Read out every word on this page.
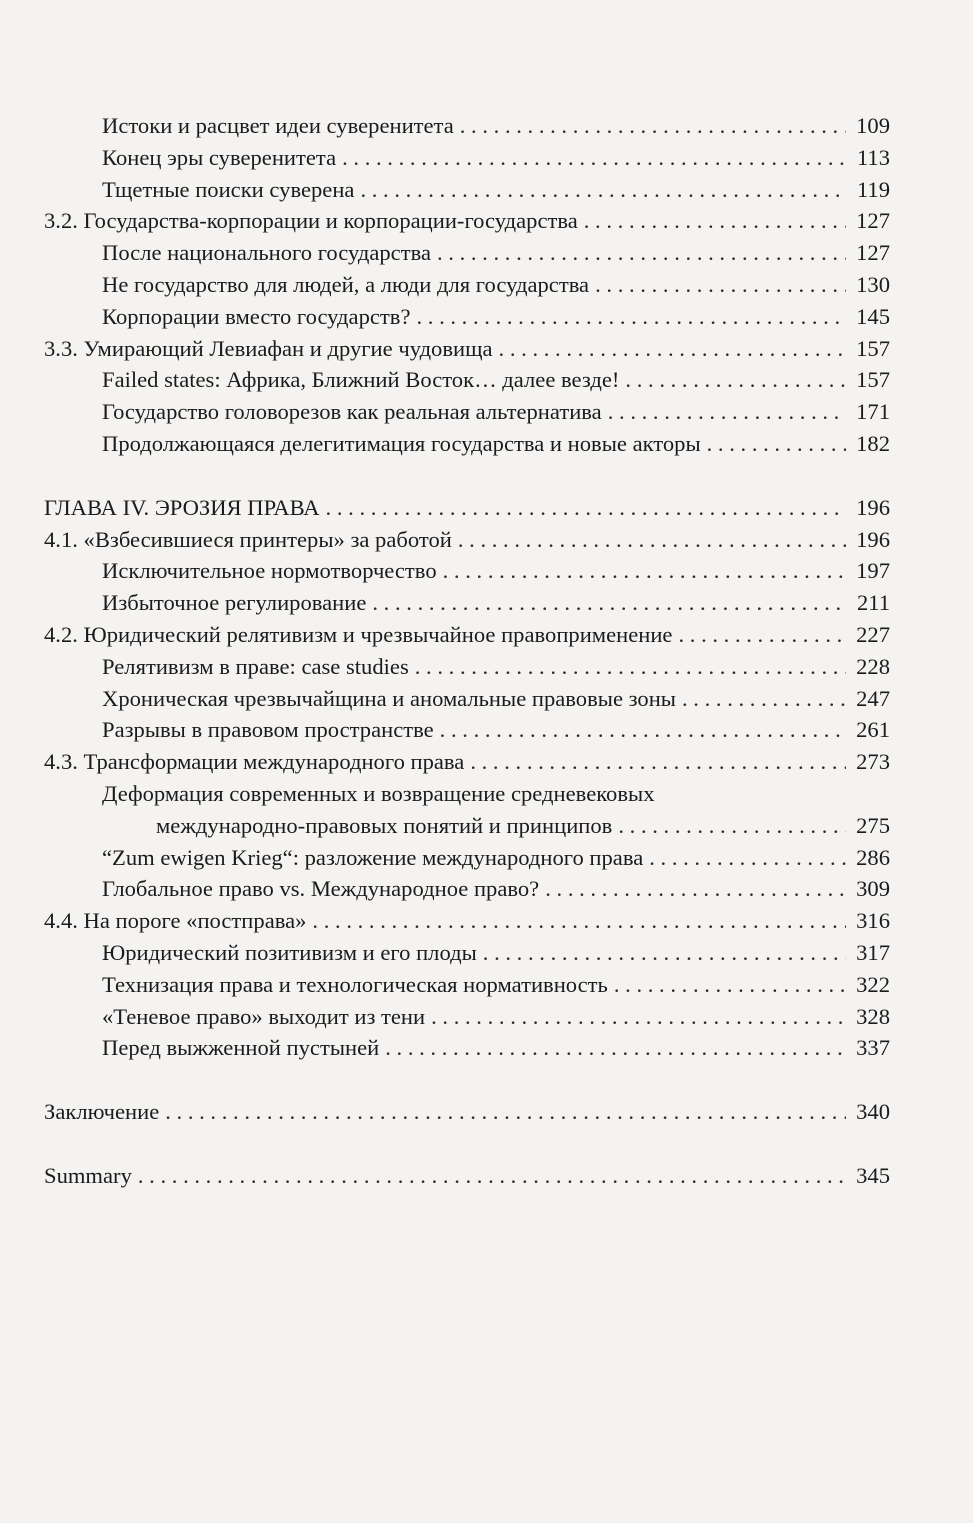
Истоки и расцвет идеи суверенитета . . .	109
Конец эры суверенитета . . .	113
Тщетные поиски суверена . . .	119
3.2. Государства-корпорации и корпорации-государства . . .	127
После национального государства . . .	127
Не государство для людей, а люди для государства . . .	130
Корпорации вместо государств? . . .	145
3.3. Умирающий Левиафан и другие чудовища . . .	157
Failed states: Африка, Ближний Восток… далее везде! . . .	157
Государство головорезов как реальная альтернатива . . .	171
Продолжающаяся делегитимация государства и новые акторы . . .	182
ГЛАВА IV. ЭРОЗИЯ ПРАВА . . .	196
4.1. «Взбесившиеся принтеры» за работой . . .	196
Исключительное нормотворчество . . .	197
Избыточное регулирование . . .	211
4.2. Юридический релятивизм и чрезвычайное правоприменение . . .	227
Релятивизм в праве: case studies . . .	228
Хроническая чрезвычайщина и аномальные правовые зоны . . .	247
Разрывы в правовом пространстве . . .	261
4.3. Трансформации международного права . . .	273
Деформация современных и возвращение средневековых
международно-правовых понятий и принципов . . .	275
“Zum ewigen Krieg“: разложение международного права . . .	286
Глобальное право vs. Международное право? . . .	309
4.4. На пороге «постправа» . . .	316
Юридический позитивизм и его плоды . . .	317
Технизация права и технологическая нормативность . . .	322
«Теневое право» выходит из тени . . .	328
Перед выжженной пустыней . . .	337
Заключение . . .	340
Summary . . .	345
